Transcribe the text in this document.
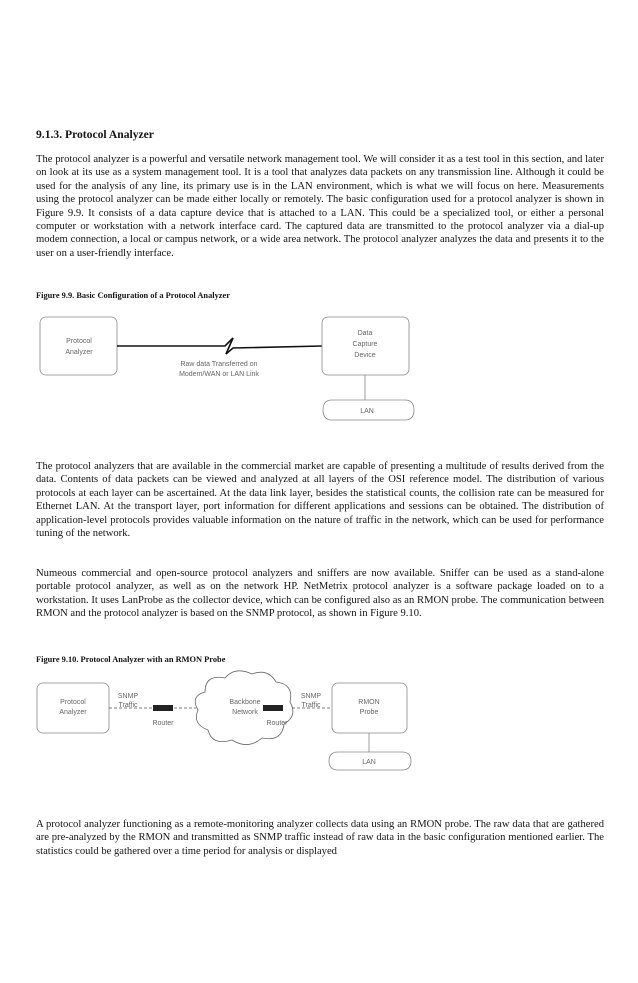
9.1.3. Protocol Analyzer

The protocol analyzer is a powerful and versatile network management tool. We will consider it as a test tool in this section, and later on look at its use as a system management tool. It is a tool that analyzes data packets on any transmission line. Although it could be used for the analysis of any line, its primary use is in the LAN environment, which is what we will focus on here. Measurements using the protocol analyzer can be made either locally or remotely. The basic configuration used for a protocol analyzer is shown in Figure 9.9. It consists of a data capture device that is attached to a LAN. This could be a specialized tool, or either a personal computer or workstation with a network interface card. The captured data are transmitted to the protocol analyzer via a dial-up modem connection, a local or campus network, or a wide area network. The protocol analyzer analyzes the data and presents it to the user on a user-friendly interface.

Figure 9.9. Basic Configuration of a Protocol Analyzer
Protocol
Analyzer
Raw data Transferred on
Modem/WAN or LAN Link
Data
Capture
Device
LAN

The protocol analyzers that are available in the commercial market are capable of presenting a multitude of results derived from the data. Contents of data packets can be viewed and analyzed at all layers of the OSI reference model. The distribution of various protocols at each layer can be ascertained. At the data link layer, besides the statistical counts, the collision rate can be measured for Ethernet LAN. At the transport layer, port information for different applications and sessions can be obtained. The distribution of application-level protocols provides valuable information on the nature of traffic in the network, which can be used for performance tuning of the network.

Numeous commercial and open-source protocol analyzers and sniffers are now available. Sniffer can be used as a stand-alone portable protocol analyzer, as well as on the network HP. NetMetrix protocol analyzer is a software package loaded on to a workstation. It uses LanProbe as the collector device, which can be configured also as an RMON probe. The communication between RMON and the protocol analyzer is based on the SNMP protocol, as shown in Figure 9.10.

Figure 9.10. Protocol Analyzer with an RMON Probe
Protocol
Analyzer
SNMP
Traffic
Router
Backbone
Network
Router
SNMP
Traffic	RMON
Probe
LAN

A protocol analyzer functioning as a remote-monitoring analyzer collects data using an RMON probe. The raw data that are gathered are pre-analyzed by the RMON and transmitted as SNMP traffic instead of raw data in the basic configuration mentioned earlier. The statistics could be gathered over a time period for analysis or displayed
